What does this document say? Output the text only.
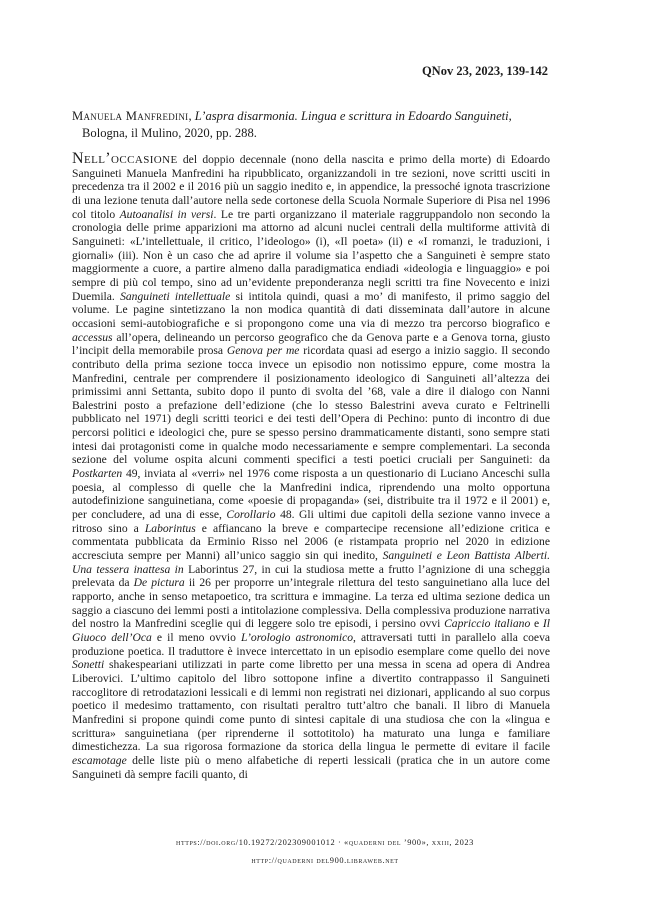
QNov 23, 2023, 139-142
Manuela Manfredini, L’aspra disarmonia. Lingua e scrittura in Edoardo Sanguineti, Bologna, il Mulino, 2020, pp. 288.
Nell’occasione del doppio decennale (nono della nascita e primo della morte) di Edoardo Sanguineti Manuela Manfredini ha ripubblicato, organizzandoli in tre sezioni, nove scritti usciti in precedenza tra il 2002 e il 2016 più un saggio inedito e, in appendice, la pressoché ignota trascrizione di una lezione tenuta dall’autore nella sede cortonese della Scuola Normale Superiore di Pisa nel 1996 col titolo Autoanalisi in versi. Le tre parti organizzano il materiale raggruppandolo non secondo la cronologia delle prime apparizioni ma attorno ad alcuni nuclei centrali della multiforme attività di Sanguineti: «L’intellettuale, il critico, l’ideologo» (i), «Il poeta» (ii) e «I romanzi, le traduzioni, i giornali» (iii). Non è un caso che ad aprire il volume sia l’aspetto che a Sanguineti è sempre stato maggiormente a cuore, a partire almeno dalla paradigmatica endiadi «ideologia e linguaggio» e poi sempre di più col tempo, sino ad un’evidente preponderanza negli scritti tra fine Novecento e inizi Duemila. Sanguineti intellettuale si intitola quindi, quasi a mo’ di manifesto, il primo saggio del volume. Le pagine sintetizzano la non modica quantità di dati disseminata dall’autore in alcune occasioni semi-autobiografiche e si propongono come una via di mezzo tra percorso biografico e accessus all’opera, delineando un percorso geografico che da Genova parte e a Genova torna, giusto l’incipit della memorabile prosa Genova per me ricordata quasi ad esergo a inizio saggio. Il secondo contributo della prima sezione tocca invece un episodio non notissimo eppure, come mostra la Manfredini, centrale per comprendere il posizionamento ideologico di Sanguineti all’altezza dei primissimi anni Settanta, subito dopo il punto di svolta del ’68, vale a dire il dialogo con Nanni Balestrini posto a prefazione dell’edizione (che lo stesso Balestrini aveva curato e Feltrinelli pubblicato nel 1971) degli scritti teorici e dei testi dell’Opera di Pechino: punto di incontro di due percorsi politici e ideologici che, pure se spesso persino drammaticamente distanti, sono sempre stati intesi dai protagonisti come in qualche modo necessariamente e sempre complementari. La seconda sezione del volume ospita alcuni commenti specifici a testi poetici cruciali per Sanguineti: da Postkarten 49, inviata al «verri» nel 1976 come risposta a un questionario di Luciano Anceschi sulla poesia, al complesso di quelle che la Manfredini indica, riprendendo una molto opportuna autodefinizione sanguinetiana, come «poesie di propaganda» (sei, distribuite tra il 1972 e il 2001) e, per concludere, ad una di esse, Corollario 48. Gli ultimi due capitoli della sezione vanno invece a ritroso sino a Laborintus e affiancano la breve e compartecipe recensione all’edizione critica e commentata pubblicata da Erminio Risso nel 2006 (e ristampata proprio nel 2020 in edizione accresciuta sempre per Manni) all’unico saggio sin qui inedito, Sanguineti e Leon Battista Alberti. Una tessera inattesa in Laborintus 27, in cui la studiosa mette a frutto l’agnizione di una scheggia prelevata da De pictura ii 26 per proporre un’integrale rilettura del testo sanguinetiano alla luce del rapporto, anche in senso metapoetico, tra scrittura e immagine. La terza ed ultima sezione dedica un saggio a ciascuno dei lemmi posti a intitolazione complessiva. Della complessiva produzione narrativa del nostro la Manfredini sceglie qui di leggere solo tre episodi, i persino ovvi Capriccio italiano e Il Giuoco dell’Oca e il meno ovvio L’orologio astronomico, attraversati tutti in parallelo alla coeva produzione poetica. Il traduttore è invece intercettato in un episodio esemplare come quello dei nove Sonetti shakespeariani utilizzati in parte come libretto per una messa in scena ad opera di Andrea Liberovici. L’ultimo capitolo del libro sottopone infine a divertito contrappasso il Sanguineti raccoglitore di retrodatazioni lessicali e di lemmi non registrati nei dizionari, applicando al suo corpus poetico il medesimo trattamento, con risultati peraltro tutt’altro che banali. Il libro di Manuela Manfredini si propone quindi come punto di sintesi capitale di una studiosa che con la «lingua e scrittura» sanguinetiana (per riprenderne il sottotitolo) ha maturato una lunga e familiare dimestichezza. La sua rigorosa formazione da storica della lingua le permette di evitare il facile escamotage delle liste più o meno alfabetiche di reperti lessicali (pratica che in un autore come Sanguineti dà sempre facili quanto, di
https://doi.org/10.19272/202309001012 · «quaderni del ’900», xxiii, 2023
http://quaderni del900.libraweb.net
